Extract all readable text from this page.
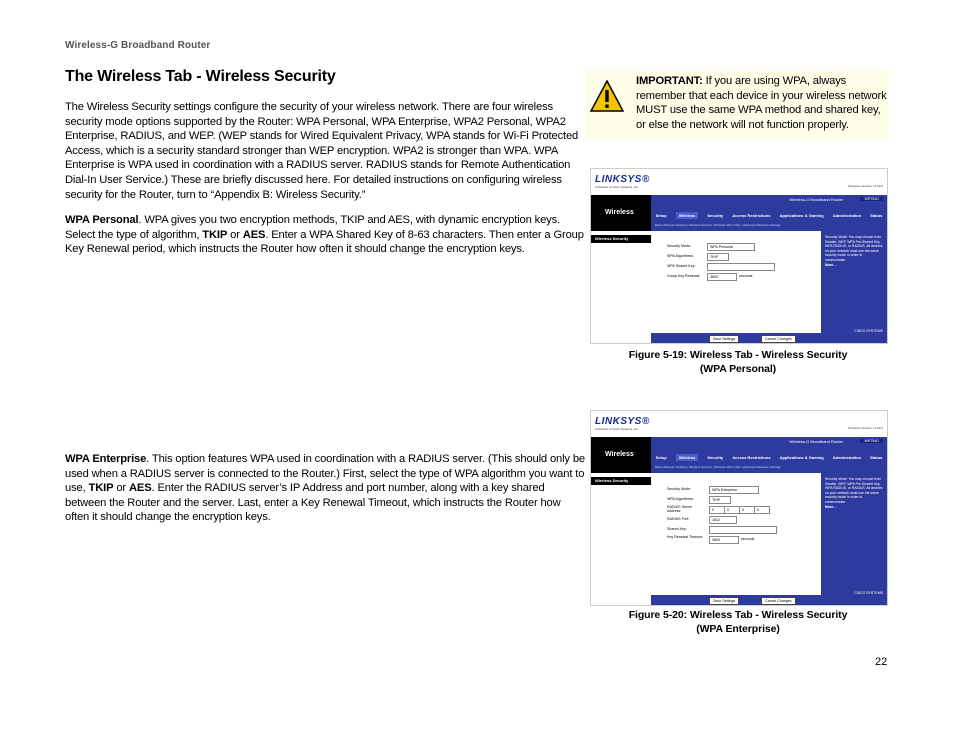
Wireless-G Broadband Router
The Wireless Tab - Wireless Security
The Wireless Security settings configure the security of your wireless network. There are four wireless security mode options supported by the Router: WPA Personal, WPA Enterprise, WPA2 Personal, WPA2 Enterprise, RADIUS, and WEP. (WEP stands for Wired Equivalent Privacy, WPA stands for Wi-Fi Protected Access, which is a security standard stronger than WEP encryption. WPA2 is stronger than WPA. WPA Enterprise is WPA used in coordination with a RADIUS server. RADIUS stands for Remote Authentication Dial-In User Service.) These are briefly discussed here. For detailed instructions on configuring wireless security for the Router, turn to “Appendix B: Wireless Security.”
WPA Personal. WPA gives you two encryption methods, TKIP and AES, with dynamic encryption keys. Select the type of algorithm, TKIP or AES. Enter a WPA Shared Key of 8-63 characters. Then enter a Group Key Renewal period, which instructs the Router how often it should change the encryption keys.
WPA Enterprise. This option features WPA used in coordination with a RADIUS server. (This should only be used when a RADIUS server is connected to the Router.) First, select the type of WPA algorithm you want to use, TKIP or AES. Enter the RADIUS server’s IP Address and port number, along with a key shared between the Router and the server. Last, enter a Key Renewal Timeout, which instructs the Router how often it should change the encryption keys.
IMPORTANT: If you are using WPA, always remember that each device in your wireless network MUST use the same WPA method and shared key, or else the network will not function properly.
LINKSYS®
A Division of Cisco Systems, Inc.	Firmware Version: v1.00.0
Wireless
Wireless-G Broadband Router	WRT54G
Setup	Wireless	Security Access Restrictions Applications & Gaming Administration Status
Basic Wireless Settings | Wireless Security | Wireless MAC Filter | Advanced Wireless Settings
Wireless Security	Security Mode: You may choose from Disable, WEP, WPA Pre-Shared Key, WPA RADIUS, or RADIUS. All devices on your network must use the same security mode in order to communicate.
More...
CISCO SYSTEMS
Security Mode:	WPA Personal
WPA Algorithms:	TKIP
WPA Shared Key:
Group Key Renewal:	3600	seconds
Save Settings	Cancel Changes
LINKSYS®
A Division of Cisco Systems, Inc.	Firmware Version: v1.00.0
Wireless
Wireless-G Broadband Router	WRT54G
Setup	Wireless	Security Access Restrictions Applications & Gaming Administration Status
Basic Wireless Settings | Wireless Security | Wireless MAC Filter | Advanced Wireless Settings
Wireless Security	Security Mode: You may choose from Disable, WEP, WPA Pre-Shared Key, WPA RADIUS, or RADIUS. All devices on your network must use the same security mode in order to communicate.
More...
CISCO SYSTEMS
Security Mode:	WPA Enterprise
WPA Algorithms:	TKIP
RADIUS Server Address:	0	0	0	0
RADIUS Port:	1812
Shared Key:
Key Renewal Timeout:
3600	seconds
Save Settings	Cancel Changes
Figure 5-19: Wireless Tab - Wireless Security
(WPA Personal)
Figure 5-20: Wireless Tab - Wireless Security
(WPA Enterprise)
22
